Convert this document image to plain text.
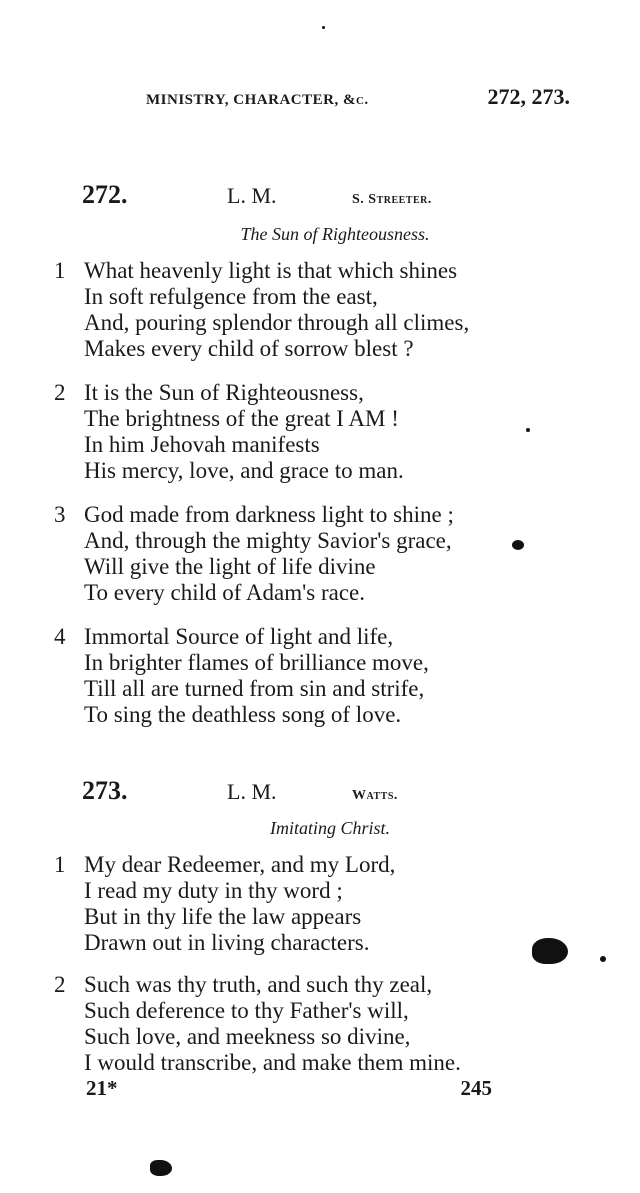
MINISTRY, CHARACTER, &c.	272, 273.
272.	L. M.	S. Streeter.
The Sun of Righteousness.
1 What heavenly light is that which shines
In soft refulgence from the east,
And, pouring splendor through all climes,
Makes every child of sorrow blest ?
2 It is the Sun of Righteousness,
The brightness of the great I AM !
In him Jehovah manifests
His mercy, love, and grace to man.
3 God made from darkness light to shine ;
And, through the mighty Savior's grace,
Will give the light of life divine
To every child of Adam's race.
4 Immortal Source of light and life,
In brighter flames of brilliance move,
Till all are turned from sin and strife,
To sing the deathless song of love.
273.	L. M.	Watts.
Imitating Christ.
1 My dear Redeemer, and my Lord,
I read my duty in thy word ;
But in thy life the law appears
Drawn out in living characters.
2 Such was thy truth, and such thy zeal,
Such deference to thy Father's will,
Such love, and meekness so divine,
I would transcribe, and make them mine.
21*	245
